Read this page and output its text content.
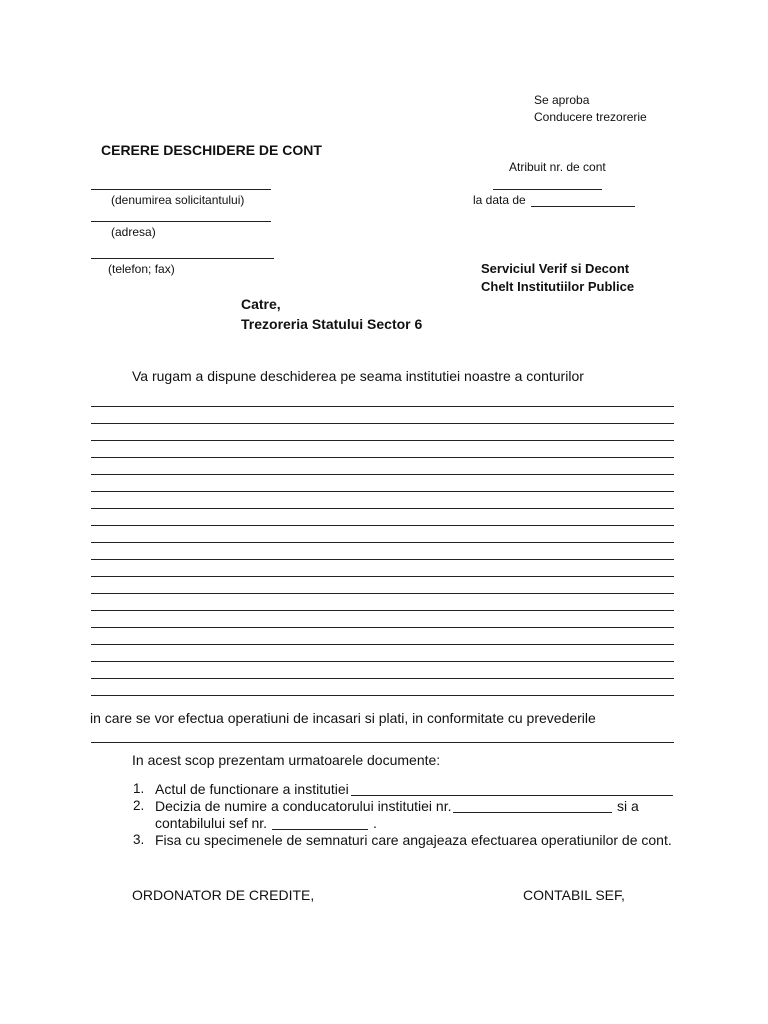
Se aproba
Conducere trezorerie
CERERE DESCHIDERE DE CONT
Atribuit nr. de cont
la data de
(denumirea solicitantului)
(adresa)
(telefon; fax)	Serviciul Verif si Decont
Chelt Institutiilor Publice
Catre,
Trezoreria Statului Sector 6
Va rugam a dispune deschiderea pe seama institutiei noastre a conturilor
in care se vor efectua operatiuni de incasari si plati, in conformitate cu prevederile
In acest scop prezentam urmatoarele documente:
1. Actul de functionare a institutiei
2. Decizia de numire a conducatorului institutiei nr.	si a
contabilului sef nr.	.
3. Fisa cu specimenele de semnaturi care angajeaza efectuarea operatiunilor de cont.
ORDONATOR DE CREDITE,	CONTABIL SEF,
